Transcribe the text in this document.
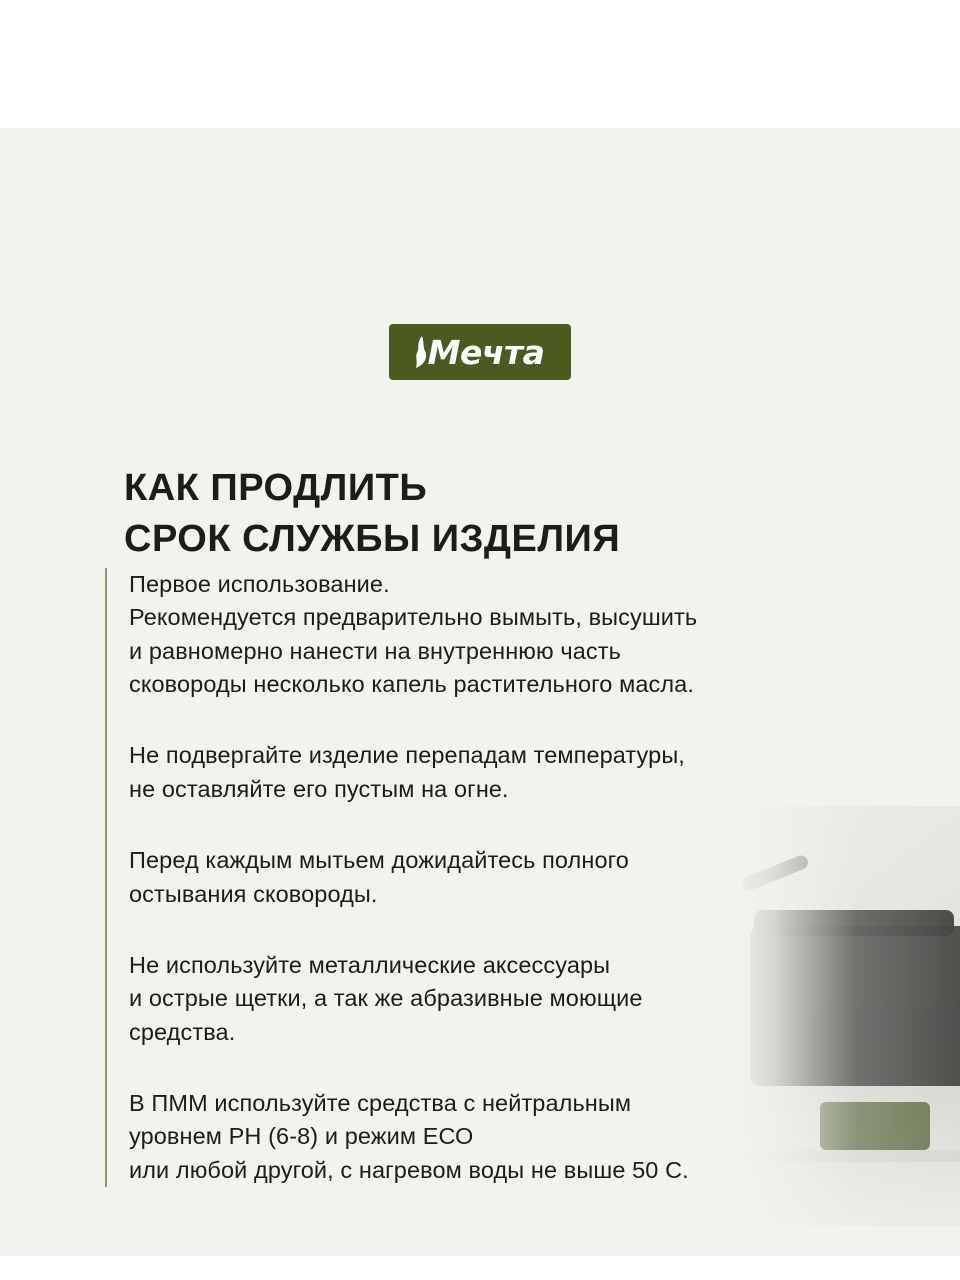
Мечта
КАК ПРОДЛИТЬ
СРОК СЛУЖБЫ ИЗДЕЛИЯ

Первое использование.
Рекомендуется предварительно вымыть, высушить
и равномерно нанести на внутреннюю часть
сковороды несколько капель растительного масла.

Не подвергайте изделие перепадам температуры,
не оставляйте его пустым на огне.

Перед каждым мытьем дожидайтесь полного
остывания сковороды.

Не используйте металлические аксессуары
и острые щетки, а так же абразивные моющие
средства.

В ПММ используйте средства с нейтральным
уровнем РН (6-8) и режим ЕСО
или любой другой, с нагревом воды не выше 50 С.
